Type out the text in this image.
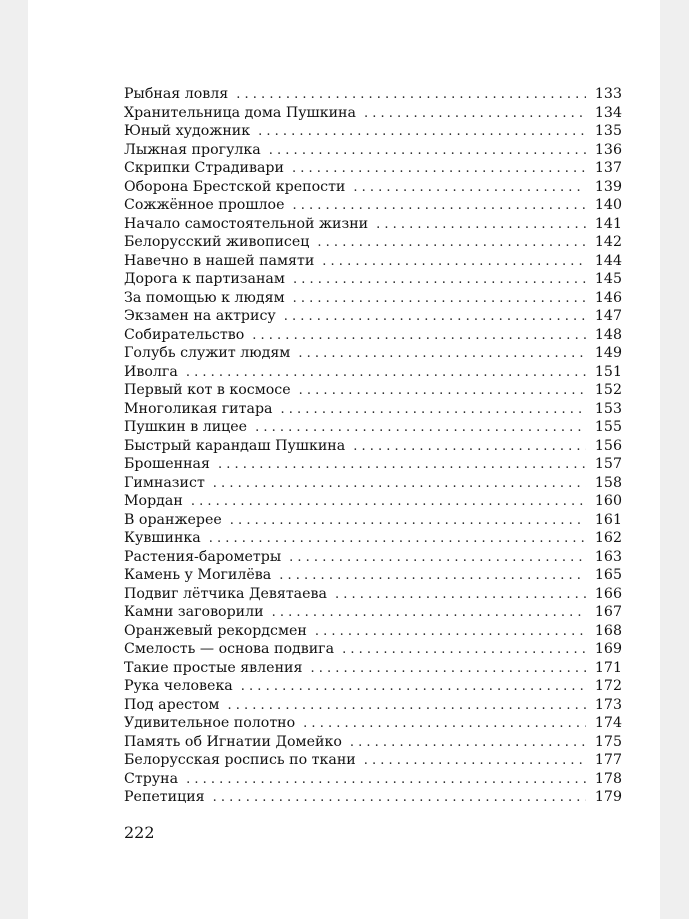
Рыбная ловля . . .	133
Хранительница дома Пушкина . . .	134
Юный художник . . .	135
Лыжная прогулка . . .	136
Скрипки Страдивари . . .	137
Оборона Брестской крепости . . .	139
Сожжённое прошлое . . .	140
Начало самостоятельной жизни . . .	141
Белорусский живописец . . .	142
Навечно в нашей памяти . . .	144
Дорога к партизанам . . .	145
За помощью к людям . . .	146
Экзамен на актрису . . .	147
Собирательство . . .	148
Голубь служит людям . . .	149
Иволга . . .	151
Первый кот в космосе . . .	152
Многоликая гитара . . .	153
Пушкин в лицее . . .	155
Быстрый карандаш Пушкина . . .	156
Брошенная . . .	157
Гимназист . . .	158
Мордан . . .	160
В оранжерее . . .	161
Кувшинка . . .	162
Растения-барометры . . .	163
Камень у Могилёва . . .	165
Подвиг лётчика Девятаева . . .	166
Камни заговорили . . .	167
Оранжевый рекордсмен . . .	168
Смелость — основа подвига . . .	169
Такие простые явления . . .	171
Рука человека . . .	172
Под арестом . . .	173
Удивительное полотно . . .	174
Память об Игнатии Домейко . . .	175
Белорусская роспись по ткани . . .	177
Струна . . .	178
Репетиция . . .	179
222
